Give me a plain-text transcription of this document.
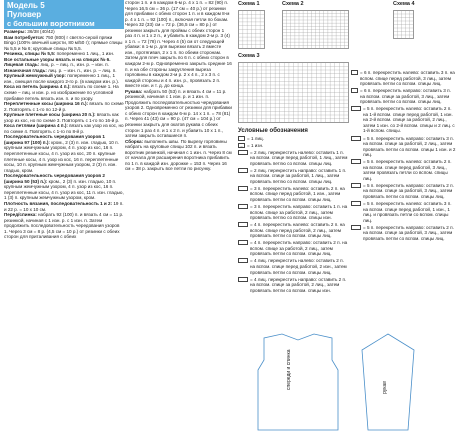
Модель 5
Пуловер
с большим воротником

Размеры: 36/38 (40/42)

Вам потребуется: 750 (800) г светло-серой пряжи Bingo (100% овечьей шерсти, 80 м/50 г); прямые спицы № 5,5 и № 6; круговые спицы № 5,5.

Резинка, спицы № 5,5: попеременно 1 лиц., 1 изн.

Все остальные узоры вязать и на спицах № 6.

Лицевая гладь: лиц. р. – лиц. п., изн. р. – изн. п.

Изнаночная гладь: лиц. р. – изн. п., изн. р. – лиц. п.

Крупный жемчужный узор: попеременно 1 лиц., 1 изн., смещая после каждого 2-го р. (в каждом изн. р.).

Коса из петель (ширина 4 п.): вязать по схеме 1. На схеме – лиц. и изн. р. но изображение по условной прибавке петель вязать изн. п. и по узору.

Переплетенные косы (ширина 16 п.): вязать по схеме 2. Повторять с 1-го по 12-й р.

Крупные плетеные косы (ширина 20 п.): вязать как узор из кос, но по схеме 3. Повторять с 1-го по 16-й р.

Коса петлями (ширина 4 п.): вязать как узор из кос, но по схеме 4. Повторять с 1-го по 8-й р.

Последовательность чередования узоров 1 (ширина 97 (100) п.): кром., 2 (3) п. изн. гладью, 10 п. крупным жемчужным узором, 4 п. узор из кос, 16 п. переплетенные косы, 4 п. узор из кос, 20 п. крупные плетеные косы, 4 п. узор из кос, 16 п. переплетенные косы, 10 п. крупным жемчужным узором, 2 (3) п. изн. гладью, кром.

Последовательность чередования узоров 2 (ширина 50 (53) п.): кром., 2 (3) п. изн. гладью, 10 п. крупным жемчужным узором, 4 п. узор из кос, 16 п. переплетенные косы, 4 п. узор из кос, 11 п. изн. гладью, 1 (3) п. крупным жемчужным узором, кром.

Плотность вязания, последовательность 1 и 2: 19 п. и 22 р. = 10 х 10 см.

Перед/спинка: набрать 92 (100) п. и вязать 4 см = 11 р. резинкой, начиная с 1 изн. р. с 1 изн. п. Затем продолжить последовательность чередования узоров 1. Через 3 см = 8 р. (4,5 см = 10 р.) от резинки с обеих сторон для приталивания с обеих

сторон 1 п. и в каждом 6-м р. 4 х 1 п. = 82 (90) п. Через 16,5 см = 36 р. (17 см = 40 р.) от резинки для прибавки с обеих сторон 1 п. и в каждом 8-м р. 4 х 1 п. = 92 (100) п., включая петли по бокам. Через 32 (33) см = 72 р. (36,5 см = 80 р.) от резинки закрыть для проймы с обеих сторон 1 раз 4 п. и 1 х 2 п., и убавить в каждом 2-м р. 3 (4) х 1 п. = 72 (78) п. Через 4 (5) см от следующей убавки: в 1-м р. для вырезки вязать 2 вместе изн., протягивая, 2 х 1 п. по обеим сторонам. Затем для плеч закрыть по 6 п. с обеих сторон в каждом 2-м р. Одновременно закрыть средние 16 п. и на обе стороны закругления выреза горловины в каждом 2-м р. 2 х 4 п., 2 х 3 п. с каждой стороны и 4 п. изн. р., провязать 2 п. вместе изн. и т. д. до конца.

Рукава: набрать 50 (53) п. и вязать 4 см = 11 р. резинкой, начиная с 1 изн. р. и 1 изн. п. Продолжить последовательностью чередования узоров 2. Одновременно от резинки для прибавки с обеих сторон в каждом 6-м р. 14 х 1 п. = 78 (81) п. Через 41 (43) см = 90 р. (47 см = 104 р.) от резинки закрыть для окатов рукава с обеих сторон 1 раз 4 п. и 1 х 2 п. и убавить 10 х 1 п., затем закрыть оставшиеся п.

Сборка: выполнить швы. По вырезу горловины набрать на круговые спицы 102 п. и вязать воротник резинкой, начиная с 1 изн. п. Через 8 см от начала для расширения воротника прибавить по 1 п. в каждой изн. дорожке = 153 п. Через 16 см = 38 р. закрыть все петли по рисунку.

Схема 1	Схема 2
Схема 3
Условные обозначения
= 1 лиц.
– = 1 изн.
= 2 лиц. перекрестить налево: оставить 1 п. на вспом. спице перед работой, 1 лиц., затем провязать петлю со вспом. спицы лиц.
= 2 лиц. перекрестить направо: оставить 1 п. на вспом. спице за работой, 1 лиц., затем провязать петлю со вспом. спицы лиц.
= 3 п. перекрестить налево: оставить 2 п. на вспом. спице перед работой, 1 изн., затем провязать петли со вспом. спицы лиц.
= 3 п. перекрестить направо: оставить 1 п. на вспом. спице за работой, 2 лиц., затем провязать петлю со вспом. спицы изн.
= 4 п. перекрестить налево: оставить 2 п. на вспом. спице перед работой, 2 лиц., затем провязать петли со вспом. спицы лиц.
= 4 п. перекрестить направо: оставить 2 п. на вспом. спице за работой, 2 лиц., затем провязать петли со вспом. спицы лиц.
= 4 лиц. перекрестить налево: оставить 2 п. на вспом. спице перед работой, 2 изн., затем провязать петли со вспом. спицы лиц.
= 4 лиц. перекрестить направо: оставить 2 п. на вспом. спице за работой, 2 лиц., затем провязать петли со вспом. спицы изн.
Схема 4
= 6 п. перекрестить налево: оставить 3 п. на вспом. спице перед работой, 3 лиц., затем провязать петли со вспом. спицы лиц.
= 6 п. перекрестить направо: оставить 3 п. на вспом. спице за работой, 3 лиц., затем провязать петли со вспом. спицы лиц.
= 5 п. перекрестить налево: оставить 2 п. на 1-й вспом. спице перед работой, 1 изн. на 2-й вспом. спице за работой, 2 лиц., затем 1 изн. со 2-й вспом. спицы и 2 лиц. с 1-й вспом. спицы.
= 5 п. перекрестить направо: оставить 3 п. на вспом. спице за работой, 2 лиц., затем провязать петли со вспом. спицы 1 изн. и 2 лиц.
= 5 п. перекрестить налево: оставить 2 п. на вспом. спице перед работой, 3 лиц., затем провязать петли со вспом. спицы лиц.
= 5 п. перекрестить направо: оставить 2 п. на вспом. спице за работой, 3 лиц., затем провязать петли со вспом. спицы лиц.
= 5 п. перекрестить налево: оставить 3 п. на вспом. спице перед работой, 1 изн., 1 лиц. и провязать петли со вспом. спицы лиц.
= 5 п. перекрестить направо: оставить 2 п. на вспом. спице за работой, 3 лиц., затем провязать петли со вспом. спицы лиц.
спереди и спинка	рукав
